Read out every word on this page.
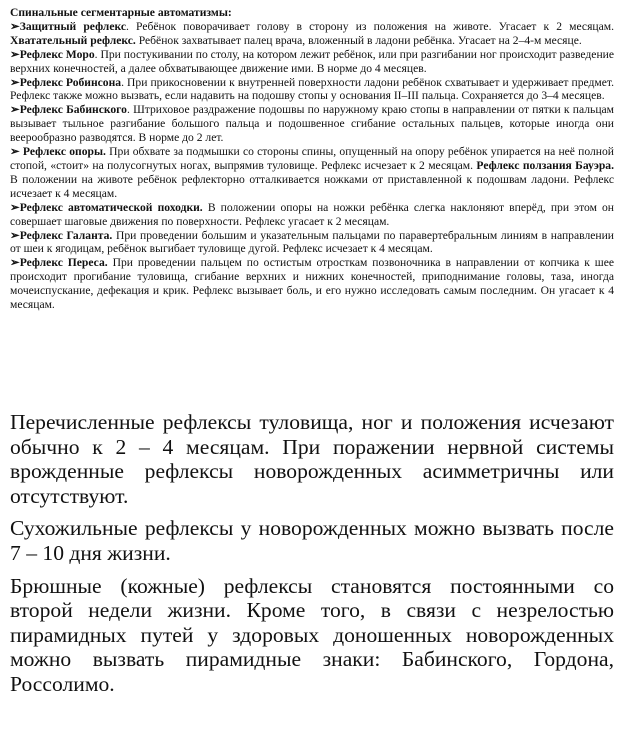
Спинальные сегментарные автоматизмы:

➢Защитный рефлекс. Ребёнок поворачивает голову в сторону из положения на животе. Угасает к 2 месяцам. Хватательный рефлекс. Ребёнок захватывает палец врача, вложенный в ладони ребёнка. Угасает на 2–4-м месяце.

➢Рефлекс Моро. При постукивании по столу, на котором лежит ребёнок, или при разгибании ног происходит разведение верхних конечностей, а далее обхватывающее движение ими. В норме до 4 месяцев.

➢Рефлекс Робинсона. При прикосновении к внутренней поверхности ладони ребёнок схватывает и удерживает предмет. Рефлекс также можно вызвать, если надавить на подошву стопы у основания II–III пальца. Сохраняется до 3–4 месяцев.

➢Рефлекс Бабинского. Штриховое раздражение подошвы по наружному краю стопы в направлении от пятки к пальцам вызывает тыльное разгибание большого пальца и подошвенное сгибание остальных пальцев, которые иногда они веерообразно разводятся. В норме до 2 лет.

➢ Рефлекс опоры. При обхвате за подмышки со стороны спины, опущенный на опору ребёнок упирается на неё полной стопой, «стоит» на полусогнутых ногах, выпрямив туловище. Рефлекс исчезает к 2 месяцам. Рефлекс ползания Бауэра. В положении на животе ребёнок рефлекторно отталкивается ножками от приставленной к подошвам ладони. Рефлекс исчезает к 4 месяцам.

➢Рефлекс автоматической походки. В положении опоры на ножки ребёнка слегка наклоняют вперёд, при этом он совершает шаговые движения по поверхности. Рефлекс угасает к 2 месяцам.

➢Рефлекс Галанта. При проведении большим и указательным пальцами по паравертебральным линиям в направлении от шеи к ягодицам, ребёнок выгибает туловище дугой. Рефлекс исчезает к 4 месяцам.

➢Рефлекс Переса. При проведении пальцем по остистым отросткам позвоночника в направлении от копчика к шее происходит прогибание туловища, сгибание верхних и нижних конечностей, приподнимание головы, таза, иногда мочеиспускание, дефекация и крик. Рефлекс вызывает боль, и его нужно исследовать самым последним. Он угасает к 4 месяцам.

Перечисленные рефлексы туловища, ног и положения исчезают обычно к 2 – 4 месяцам. При поражении нервной системы врожденные рефлексы новорожденных асимметричны или отсутствуют.

Сухожильные рефлексы у новорожденных можно вызвать после 7 – 10 дня жизни.

Брюшные (кожные) рефлексы становятся постоянными со второй недели жизни. Кроме того, в связи с незрелостью пирамидных путей у здоровых доношенных новорожденных можно вызвать пирамидные знаки: Бабинского, Гордона, Россолимо.
